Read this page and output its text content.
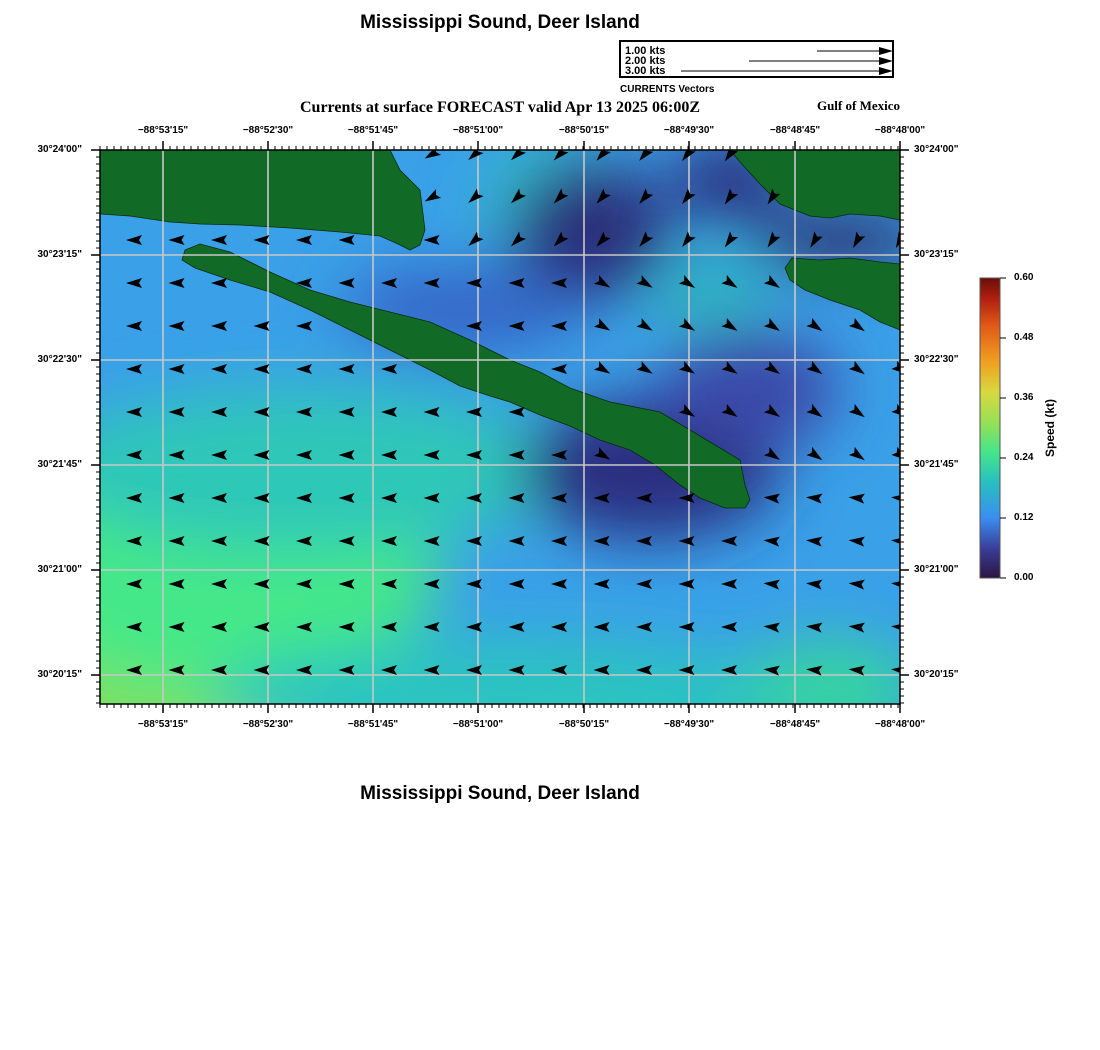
Mississippi Sound, Deer Island
1.00 kts
2.00 kts
3.00 kts
CURRENTS Vectors
Currents at surface FORECAST valid Apr 13 2025 06:00Z	Gulf of Mexico
0.60
0.48
0.36
0.24
0.12
0.00
Speed (kt)
Mississippi Sound, Deer Island
−88°53'15"
−88°53'15"
−88°52'30"
−88°52'30"
−88°51'45"
−88°51'45"
−88°51'00"
−88°51'00"
−88°50'15"
−88°50'15"
−88°49'30"
−88°49'30"
−88°48'45"
−88°48'45"
−88°48'00"
−88°48'00"
30°24'00"	30°24'00"
30°23'15"	30°23'15"
30°22'30"	30°22'30"
30°21'45"	30°21'45"
30°21'00"	30°21'00"
30°20'15"	30°20'15"
